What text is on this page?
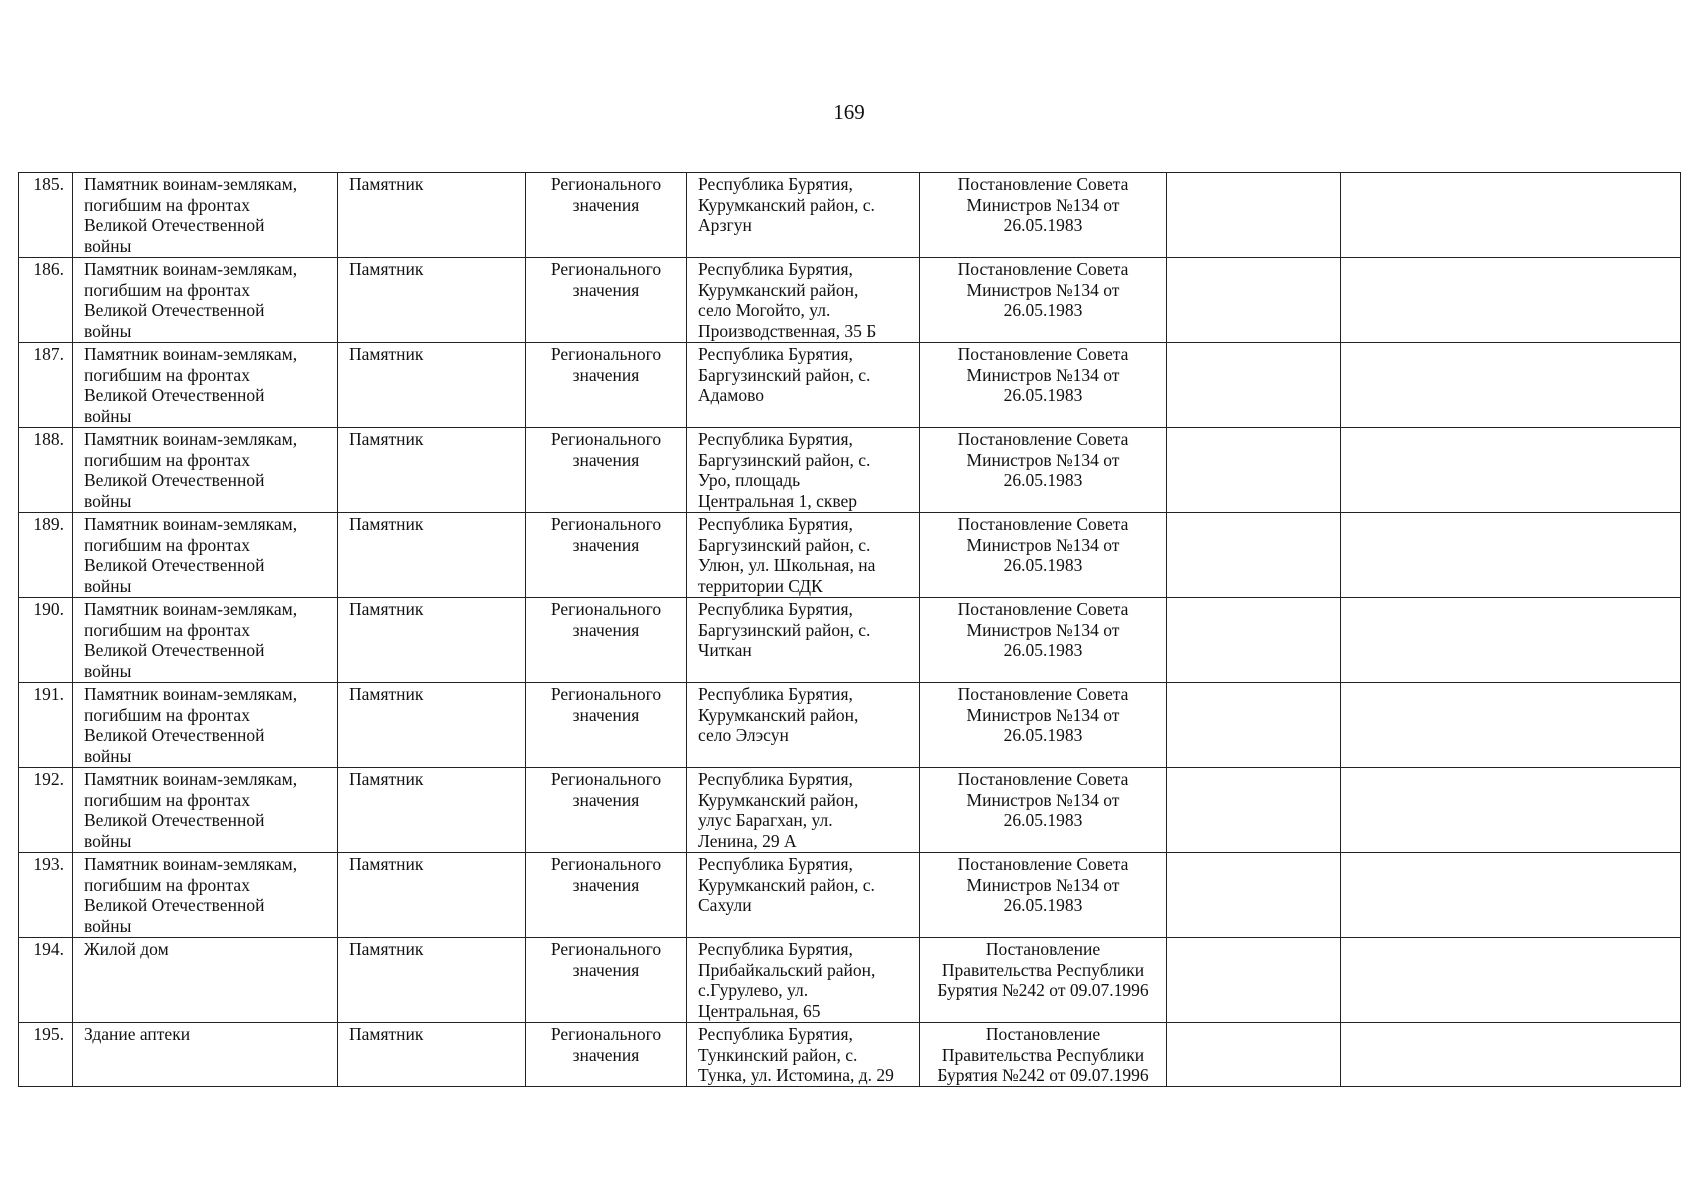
169
185.	Памятник воинам-землякам,
погибшим на фронтах
Великой Отечественной
войны	Памятник	Регионального
значения	Республика Бурятия,
Курумканский район, с.
Арзгун	Постановление Совета
Министров №134 от
26.05.1983		

186.	Памятник воинам-землякам,
погибшим на фронтах
Великой Отечественной
войны	Памятник	Регионального
значения	Республика Бурятия,
Курумканский район,
село Могойто, ул.
Производственная, 35 Б	Постановление Совета
Министров №134 от
26.05.1983		

187.	Памятник воинам-землякам,
погибшим на фронтах
Великой Отечественной
войны	Памятник	Регионального
значения	Республика Бурятия,
Баргузинский район, с.
Адамово	Постановление Совета
Министров №134 от
26.05.1983		

188.	Памятник воинам-землякам,
погибшим на фронтах
Великой Отечественной
войны	Памятник	Регионального
значения	Республика Бурятия,
Баргузинский район, с.
Уро, площадь
Центральная 1, сквер	Постановление Совета
Министров №134 от
26.05.1983		

189.	Памятник воинам-землякам,
погибшим на фронтах
Великой Отечественной
войны	Памятник	Регионального
значения	Республика Бурятия,
Баргузинский район, с.
Улюн, ул. Школьная, на
территории СДК	Постановление Совета
Министров №134 от
26.05.1983		

190.	Памятник воинам-землякам,
погибшим на фронтах
Великой Отечественной
войны	Памятник	Регионального
значения	Республика Бурятия,
Баргузинский район, с.
Читкан	Постановление Совета
Министров №134 от
26.05.1983		

191.	Памятник воинам-землякам,
погибшим на фронтах
Великой Отечественной
войны	Памятник	Регионального
значения	Республика Бурятия,
Курумканский район,
село Элэсун	Постановление Совета
Министров №134 от
26.05.1983		

192.	Памятник воинам-землякам,
погибшим на фронтах
Великой Отечественной
войны	Памятник	Регионального
значения	Республика Бурятия,
Курумканский район,
улус Барагхан, ул.
Ленина, 29 А	Постановление Совета
Министров №134 от
26.05.1983		

193.	Памятник воинам-землякам,
погибшим на фронтах
Великой Отечественной
войны	Памятник	Регионального
значения	Республика Бурятия,
Курумканский район, с.
Сахули	Постановление Совета
Министров №134 от
26.05.1983		

194.	Жилой дом	Памятник	Регионального
значения	Республика Бурятия,
Прибайкальский район,
с.Гурулево, ул.
Центральная, 65	Постановление
Правительства Республики
Бурятия №242 от 09.07.1996		

195.	Здание аптеки	Памятник	Регионального
значения	Республика Бурятия,
Тункинский район, с.
Тунка, ул. Истомина, д. 29	Постановление
Правительства Республики
Бурятия №242 от 09.07.1996		
